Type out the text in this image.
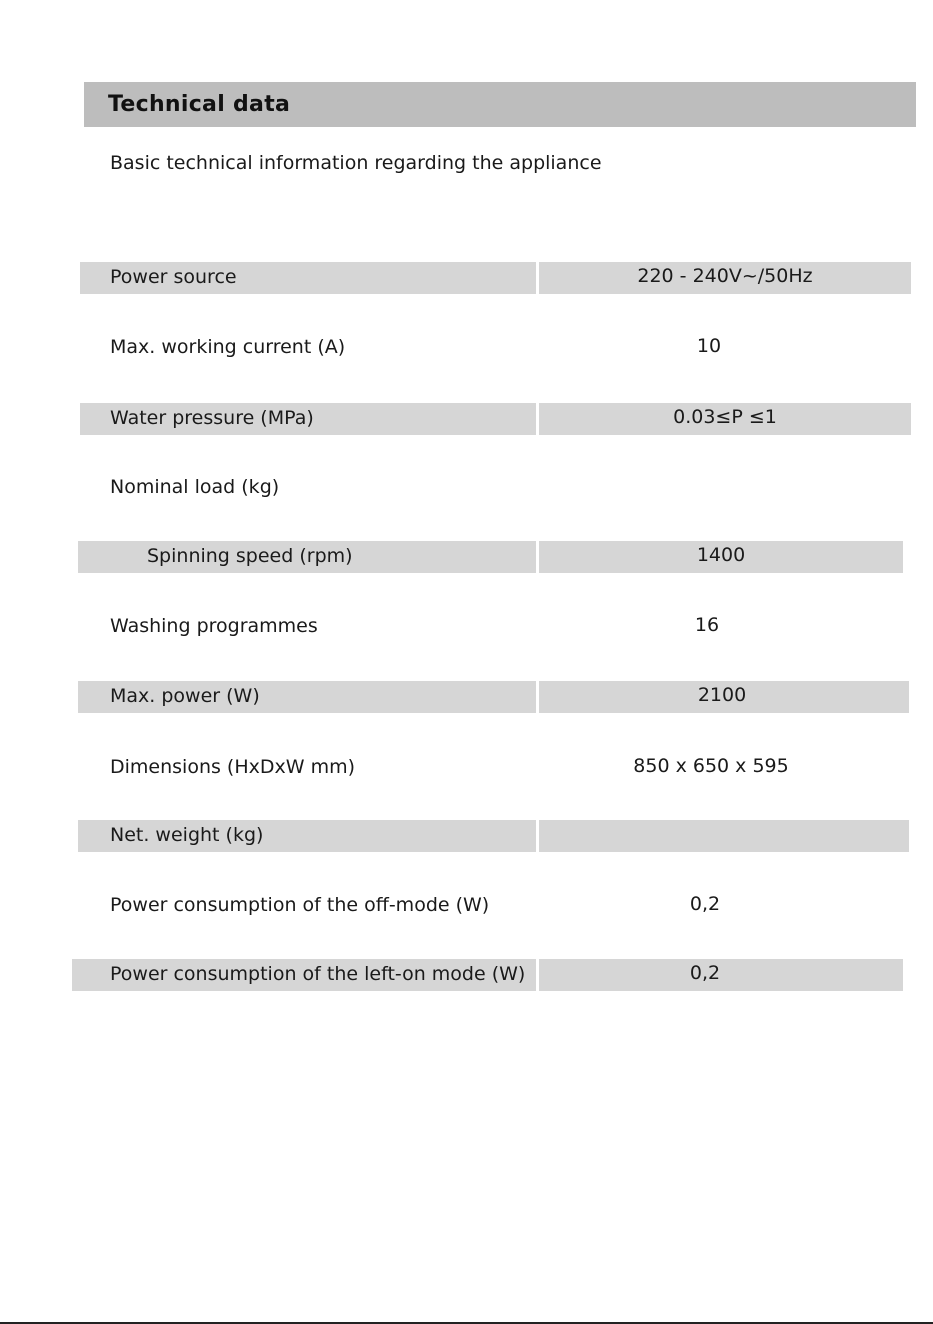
Technical data
Basic technical information regarding the appliance
220 - 240V~/50Hz
Power source
10
Max. working current (A)
0.03≤P ≤1
Water pressure (MPa)
Nominal load (kg)
1400
Spinning speed (rpm)
16
Washing programmes
2100
Max. power (W)
850 x 650 x 595
Dimensions (HxDxW mm)
Net. weight (kg)
0,2
Power consumption of the off-mode (W)
0,2
Power consumption of the left-on mode (W)
